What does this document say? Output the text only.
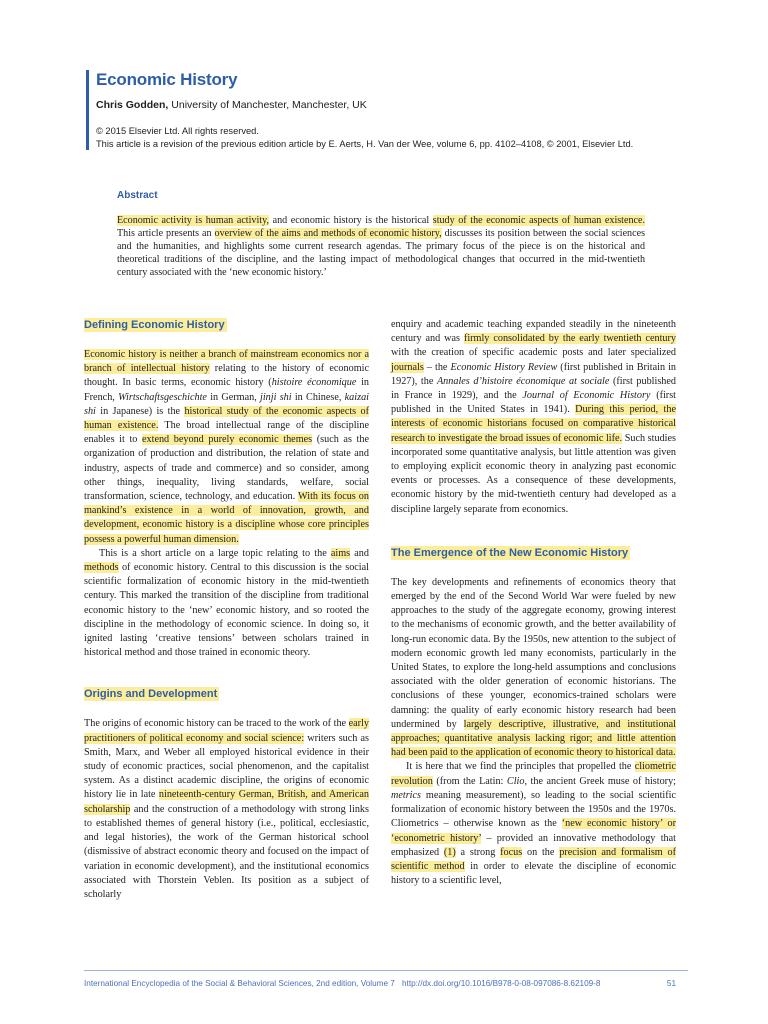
Economic History
Chris Godden, University of Manchester, Manchester, UK
© 2015 Elsevier Ltd. All rights reserved.
This article is a revision of the previous edition article by E. Aerts, H. Van der Wee, volume 6, pp. 4102–4108, © 2001, Elsevier Ltd.
Abstract
Economic activity is human activity, and economic history is the historical study of the economic aspects of human existence. This article presents an overview of the aims and methods of economic history, discusses its position between the social sciences and the humanities, and highlights some current research agendas. The primary focus of the piece is on the historical and theoretical traditions of the discipline, and the lasting impact of methodological changes that occurred in the mid-twentieth century associated with the ‘new economic history.’
Defining Economic History

Economic history is neither a branch of mainstream economics nor a branch of intellectual history relating to the history of economic thought. In basic terms, economic history (histoire économique in French, Wirtschaftsgeschichte in German, jinji shi in Chinese, kaizai shi in Japanese) is the historical study of the economic aspects of human existence. The broad intellectual range of the discipline enables it to extend beyond purely economic themes (such as the organization of production and distribution, the relation of state and industry, aspects of trade and commerce) and so consider, among other things, inequality, living standards, welfare, social transformation, science, technology, and education. With its focus on mankind’s existence in a world of innovation, growth, and development, economic history is a discipline whose core principles possess a powerful human dimension.

This is a short article on a large topic relating to the aims and methods of economic history. Central to this discussion is the social scientific formalization of economic history in the mid-twentieth century. This marked the transition of the discipline from traditional economic history to the ‘new’ economic history, and so rooted the discipline in the methodology of economic science. In doing so, it ignited lasting ‘creative tensions’ between scholars trained in historical method and those trained in economic theory.

Origins and Development

The origins of economic history can be traced to the work of the early practitioners of political economy and social science: writers such as Smith, Marx, and Weber all employed historical evidence in their study of economic practices, social phenomenon, and the capitalist system. As a distinct academic discipline, the origins of economic history lie in late nineteenth-century German, British, and American scholarship and the construction of a methodology with strong links to established themes of general history (i.e., political, ecclesiastic, and legal histories), the work of the German historical school (dismissive of abstract economic theory and focused on the impact of variation in economic development), and the institutional economics associated with Thorstein Veblen. Its position as a subject of scholarly

enquiry and academic teaching expanded steadily in the nineteenth century and was firmly consolidated by the early twentieth century with the creation of specific academic posts and later specialized journals – the Economic History Review (first published in Britain in 1927), the Annales d’histoire économique at sociale (first published in France in 1929), and the Journal of Economic History (first published in the United States in 1941). During this period, the interests of economic historians focused on comparative historical research to investigate the broad issues of economic life. Such studies incorporated some quantitative analysis, but little attention was given to employing explicit economic theory in analyzing past economic events or processes. As a consequence of these developments, economic history by the mid-twentieth century had developed as a discipline largely separate from economics.

The Emergence of the New Economic History

The key developments and refinements of economics theory that emerged by the end of the Second World War were fueled by new approaches to the study of the aggregate economy, growing interest to the mechanisms of economic growth, and the better availability of long-run economic data. By the 1950s, new attention to the subject of modern economic growth led many economists, particularly in the United States, to explore the long-held assumptions and conclusions associated with the older generation of economic historians. The conclusions of these younger, economics-trained scholars were damning: the quality of early economic history research had been undermined by largely descriptive, illustrative, and institutional approaches; quantitative analysis lacking rigor; and little attention had been paid to the application of economic theory to historical data.

It is here that we find the principles that propelled the cliometric revolution (from the Latin: Clio, the ancient Greek muse of history; metrics meaning measurement), so leading to the social scientific formalization of economic history between the 1950s and the 1970s. Cliometrics – otherwise known as the ‘new economic history’ or ‘econometric history’ – provided an innovative methodology that emphasized (1) a strong focus on the precision and formalism of scientific method in order to elevate the discipline of economic history to a scientific level,

International Encyclopedia of the Social & Behavioral Sciences, 2nd edition, Volume 7 http://dx.doi.org/10.1016/B978-0-08-097086-8.62109-8	51
